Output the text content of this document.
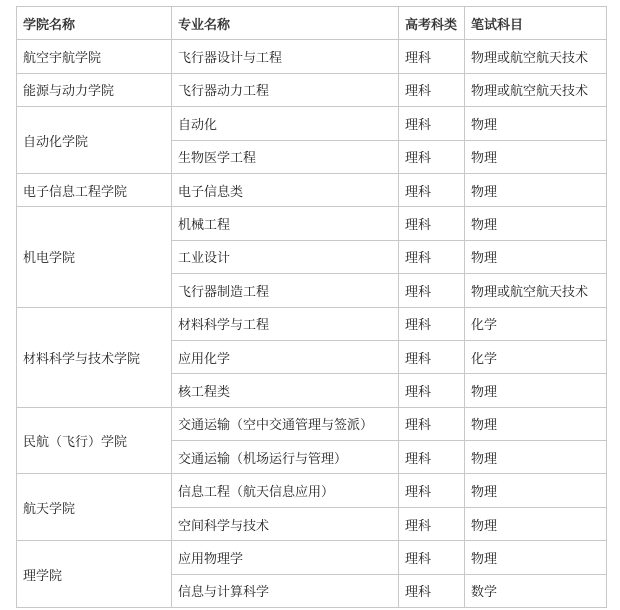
学院名称	专业名称	高考科类	笔试科目
航空宇航学院	飞行器设计与工程	理科	物理或航空航天技术
能源与动力学院	飞行器动力工程	理科	物理或航空航天技术
自动化学院	自动化	理科	物理
	生物医学工程	理科	物理
电子信息工程学院	电子信息类	理科	物理
机电学院	机械工程	理科	物理
	工业设计	理科	物理
	飞行器制造工程	理科	物理或航空航天技术
材料科学与技术学院	材料科学与工程	理科	化学
	应用化学	理科	化学
	核工程类	理科	物理
民航（飞行）学院	交通运输（空中交通管理与签派）	理科	物理
	交通运输（机场运行与管理）	理科	物理
航天学院	信息工程（航天信息应用）	理科	物理
	空间科学与技术	理科	物理
理学院	应用物理学	理科	物理
	信息与计算科学	理科	数学
